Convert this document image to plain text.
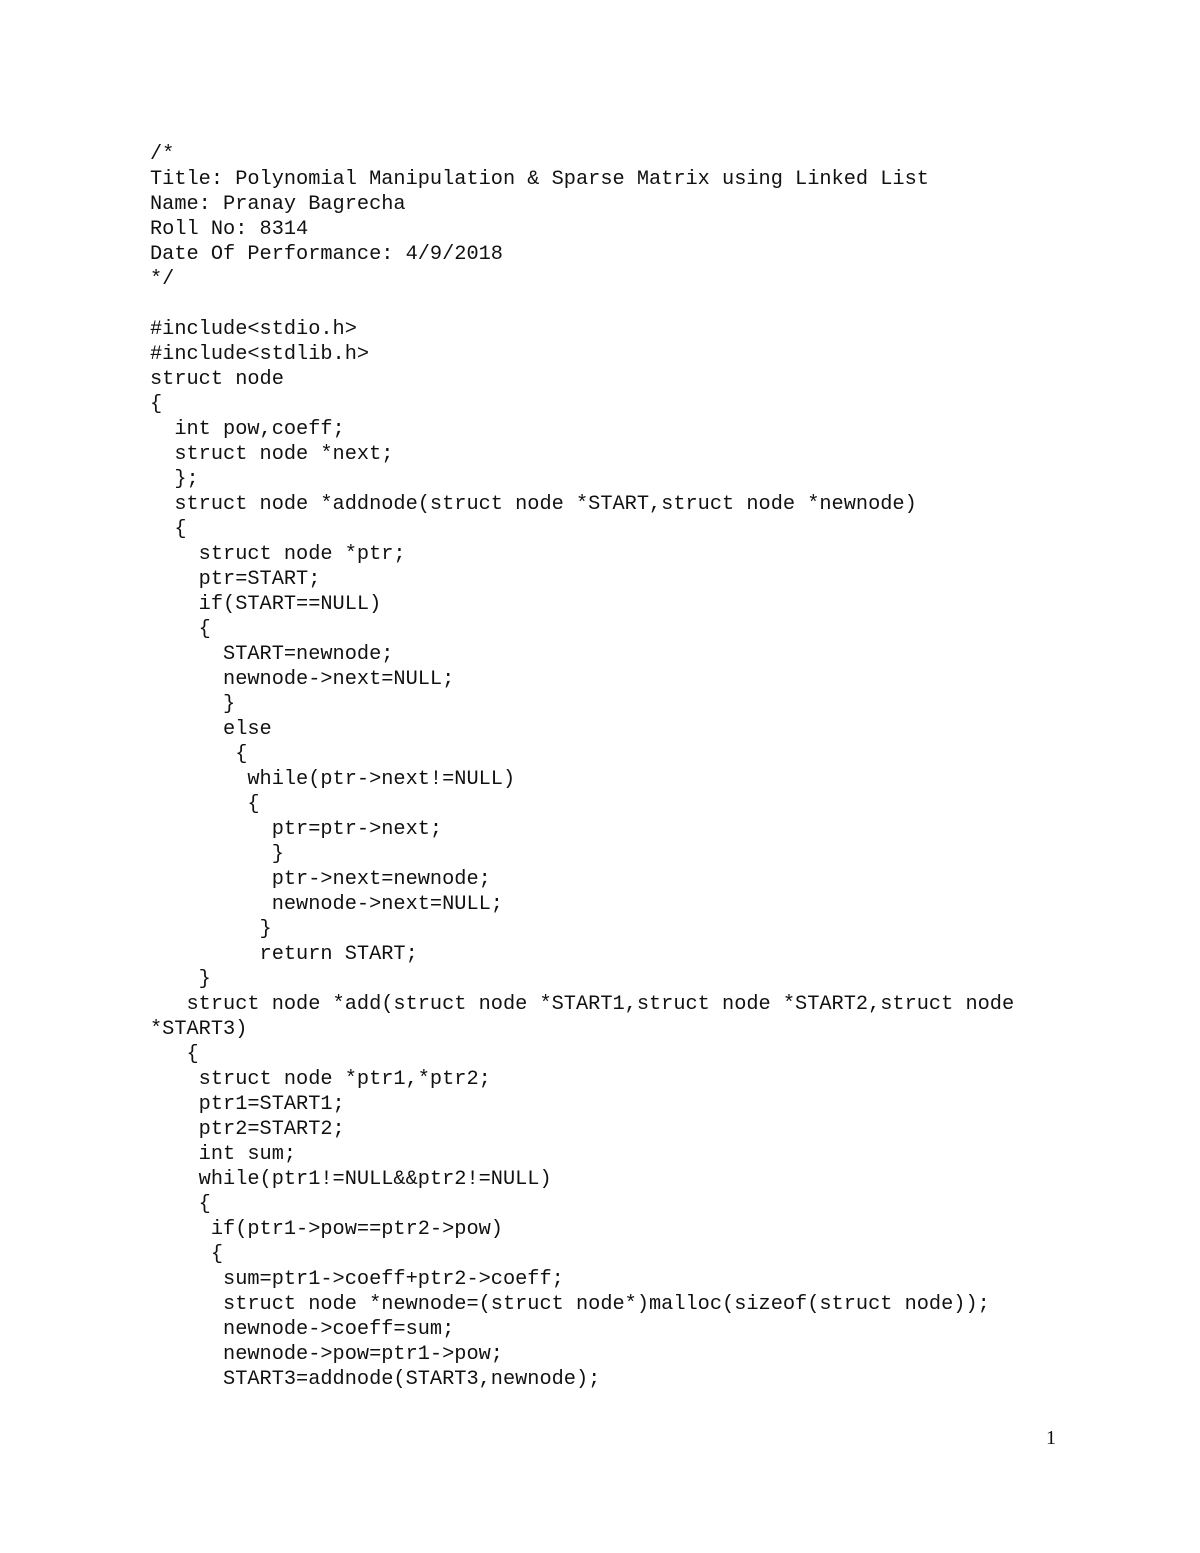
/*
Title: Polynomial Manipulation & Sparse Matrix using Linked List
Name: Pranay Bagrecha
Roll No: 8314
Date Of Performance: 4/9/2018
*/
#include<stdio.h>
#include<stdlib.h>
struct node
{
int pow,coeff;
struct node *next;
};
struct node *addnode(struct node *START,struct node *newnode)
{
struct node *ptr;
ptr=START;
if(START==NULL)
{
START=newnode;
newnode->next=NULL;
}
else
{
while(ptr->next!=NULL)
{
ptr=ptr->next;
}
ptr->next=newnode;
newnode->next=NULL;
}
return START;
}
struct node *add(struct node *START1,struct node *START2,struct node
*START3)
{
struct node *ptr1,*ptr2;
ptr1=START1;
ptr2=START2;
int sum;
while(ptr1!=NULL&&ptr2!=NULL)
{
if(ptr1->pow==ptr2->pow)
{
sum=ptr1->coeff+ptr2->coeff;
struct node *newnode=(struct node*)malloc(sizeof(struct node));
newnode->coeff=sum;
newnode->pow=ptr1->pow;
START3=addnode(START3,newnode);
1
